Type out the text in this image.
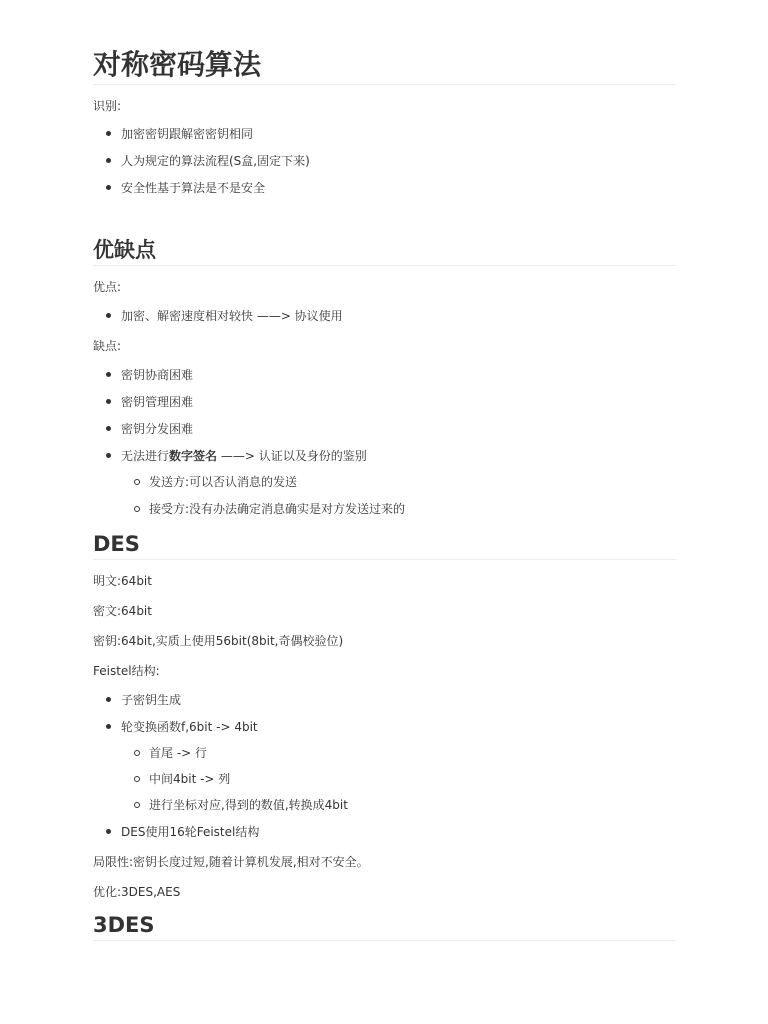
对称密码算法

识别:

加密密钥跟解密密钥相同
人为规定的算法流程(S盒,固定下来)
安全性基于算法是不是安全
优缺点

优点:

加密、解密速度相对较快 ——> 协议使用

缺点:

密钥协商困难
密钥管理困难
密钥分发困难
无法进行数字签名 ——> 认证以及身份的鉴别
发送方:可以否认消息的发送
接受方:没有办法确定消息确实是对方发送过来的
DES

明文:64bit

密文:64bit

密钥:64bit,实质上使用56bit(8bit,奇偶校验位)

Feistel结构:

子密钥生成
轮变换函数f,6bit -> 4bit
首尾 -> 行
中间4bit -> 列
进行坐标对应,得到的数值,转换成4bit
DES使用16轮Feistel结构

局限性:密钥长度过短,随着计算机发展,相对不安全。

优化:3DES,AES

3DES
